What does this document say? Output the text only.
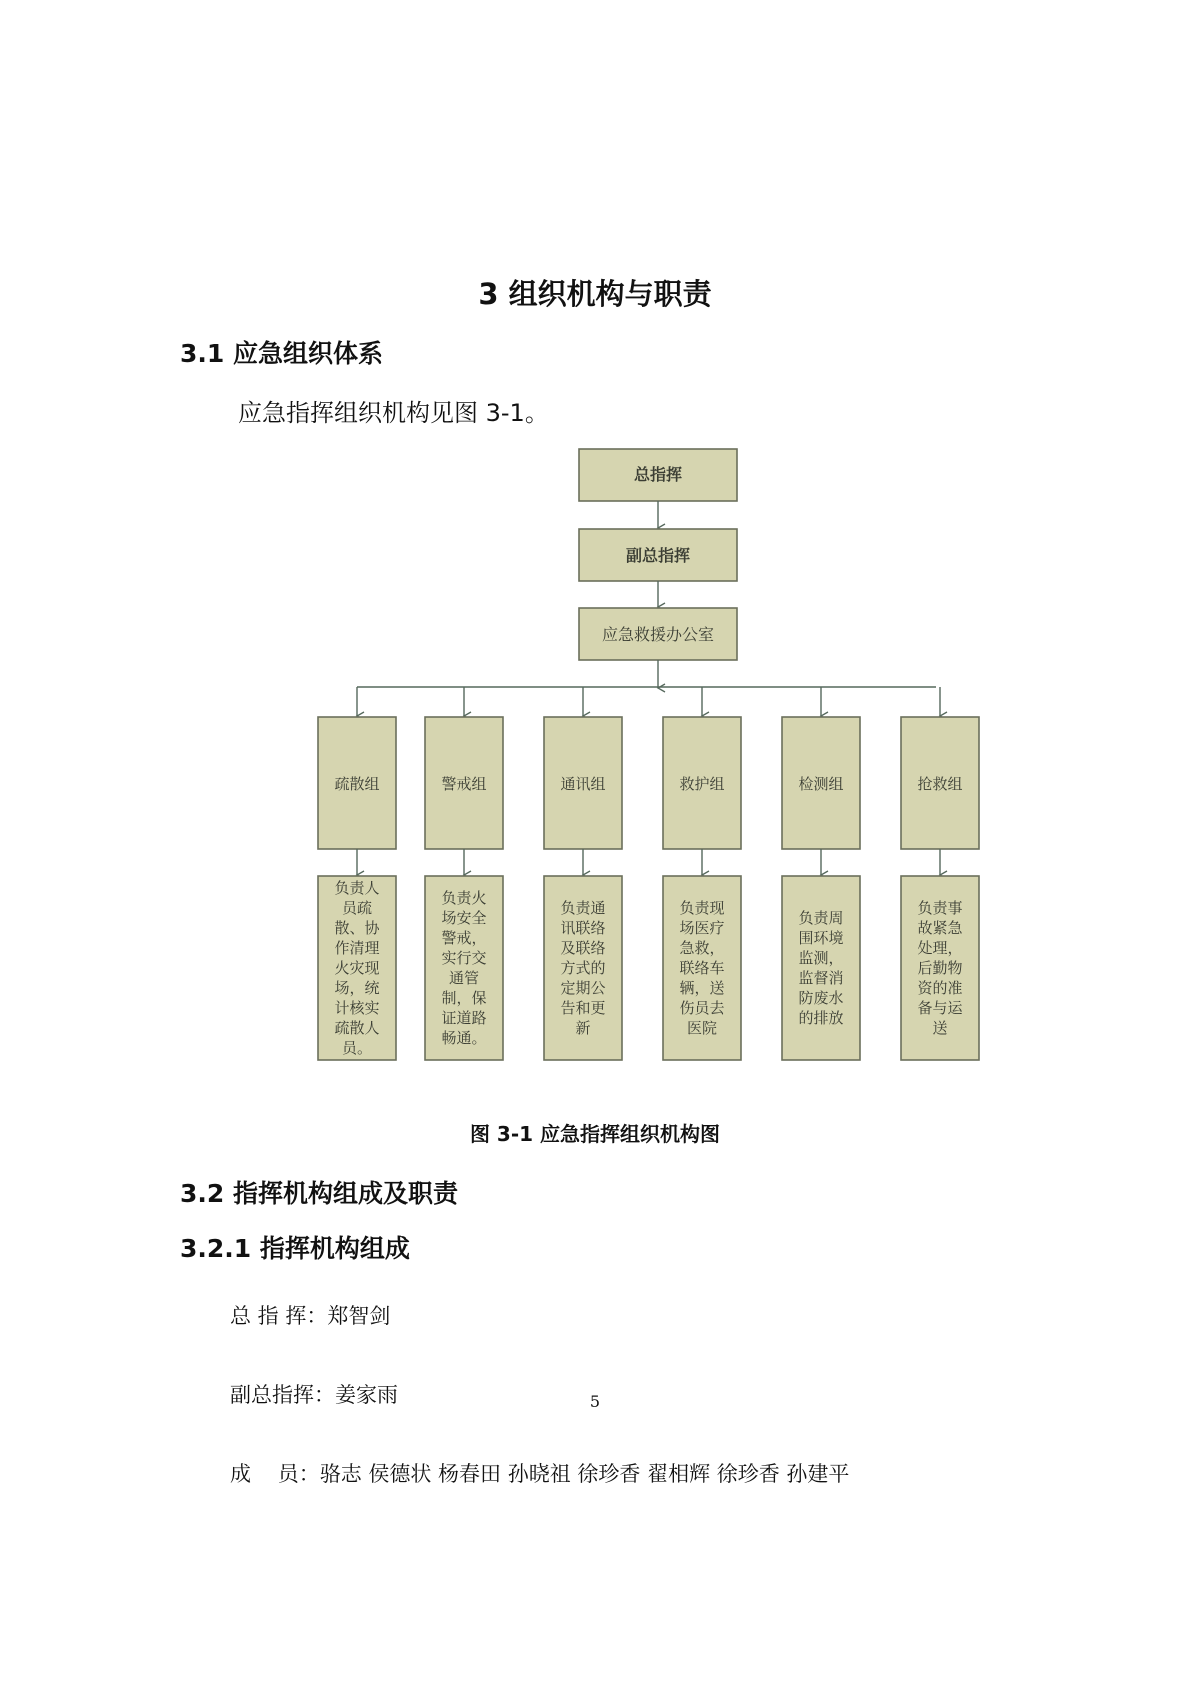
3 组织机构与职责
3.1 应急组织体系
应急指挥组织机构见图 3-1。
总指挥
副总指挥
应急救援办公室
疏散组
负责人
员疏
散、协
作清理
火灾现
场，统
计核实
疏散人
员。
警戒组
负责火
场安全
警戒，
实行交
通管
制，保
证道路
畅通。
通讯组
负责通
讯联络
及联络
方式的
定期公
告和更
新
救护组
负责现
场医疗
急救，
联络车
辆，送
伤员去
医院
检测组
负责周
围环境
监测，
监督消
防废水
的排放
抢救组
负责事
故紧急
处理，
后勤物
资的准
备与运
送
图 3-1 应急指挥组织机构图
3.2 指挥机构组成及职责
3.2.1 指挥机构组成
总 指 挥：郑智剑
副总指挥：姜家雨	5
成    员：骆志 侯德状 杨春田 孙晓祖 徐珍香 翟相辉 徐珍香 孙建平
